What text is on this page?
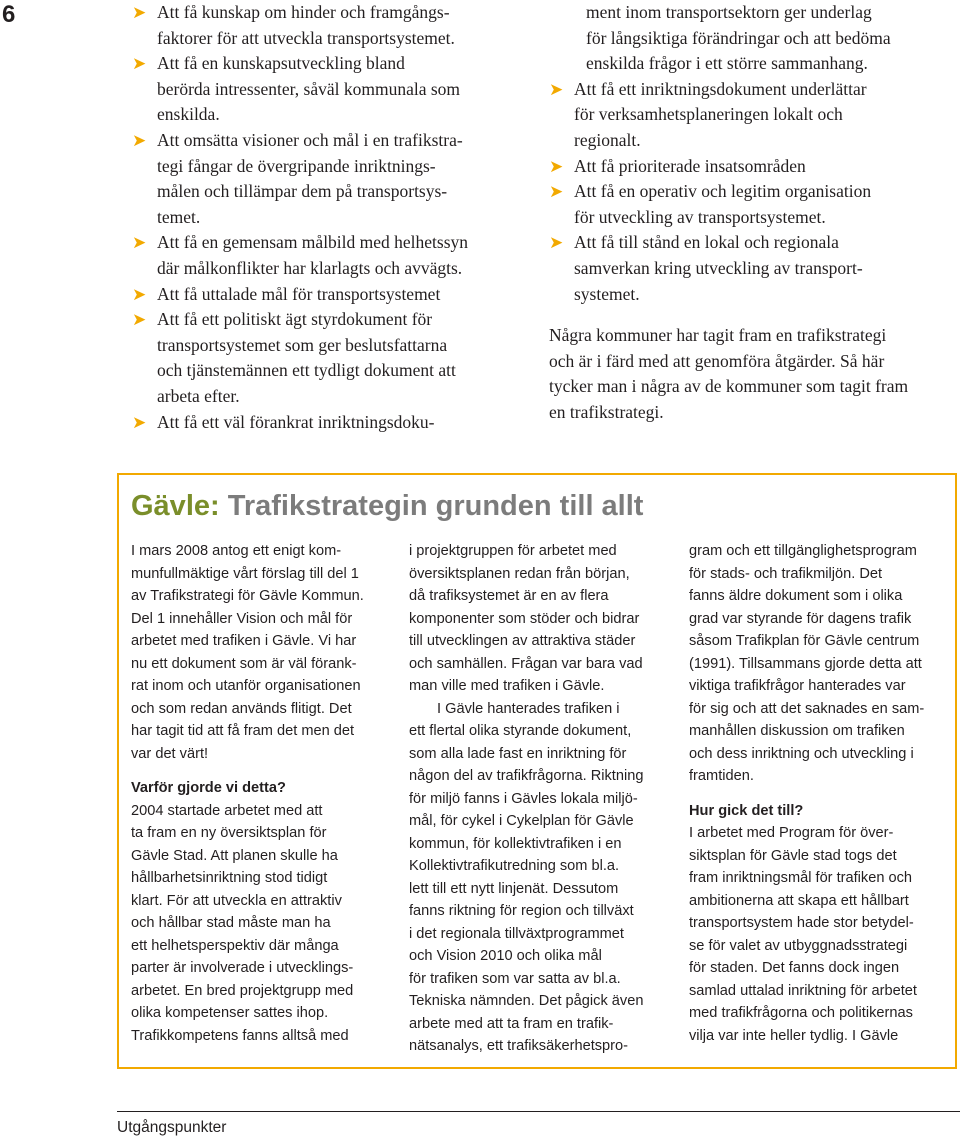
6	➤ Att få kunskap om hinder och framgångs-
faktorer för att utveckla transportsystemet.
➤ Att få en kunskapsutveckling bland
berörda intressenter, såväl kommunala som
enskilda.
➤ Att omsätta visioner och mål i en trafikstra-
tegi fångar de övergripande inriktnings-
målen och tillämpar dem på transportsys-
temet.
➤ Att få en gemensam målbild med helhetssyn
där målkonflikter har klarlagts och avvägts.
➤ Att få uttalade mål för transportsystemet
➤ Att få ett politiskt ägt styrdokument för
transportsystemet som ger beslutsfattarna
och tjänstemännen ett tydligt dokument att
arbeta efter.
➤ Att få ett väl förankrat inriktningsdoku-
ment inom transportsektorn ger underlag
för långsiktiga förändringar och att bedöma
enskilda frågor i ett större sammanhang.
➤ Att få ett inriktningsdokument underlättar
för verksamhetsplaneringen lokalt och
regionalt.
➤ Att få prioriterade insatsområden
➤ Att få en operativ och legitim organisation
för utveckling av transportsystemet.
➤ Att få till stånd en lokal och regionala
samverkan kring utveckling av transport-
systemet.
Några kommuner har tagit fram en trafikstrategi
och är i färd med att genomföra åtgärder. Så här
tycker man i några av de kommuner som tagit fram
en trafikstrategi.
Gävle: Trafikstrategin grunden till allt
I mars 2008 antog ett enigt kom-
munfullmäktige vårt förslag till del 1
av Trafikstrategi för Gävle Kommun.
Del 1 innehåller Vision och mål för
arbetet med trafiken i Gävle. Vi har
nu ett dokument som är väl förank-
rat inom och utanför organisationen
och som redan används flitigt. Det
har tagit tid att få fram det men det
var det värt!
Varför gjorde vi detta?
2004 startade arbetet med att
ta fram en ny översiktsplan för
Gävle Stad. Att planen skulle ha
hållbarhetsinriktning stod tidigt
klart. För att utveckla en attraktiv
och hållbar stad måste man ha
ett helhetsperspektiv där många
parter är involverade i utvecklings-
arbetet. En bred projektgrupp med
olika kompetenser sattes ihop.
Trafikkompetens fanns alltså med
i projektgruppen för arbetet med
översiktsplanen redan från början,
då trafiksystemet är en av flera
komponenter som stöder och bidrar
till utvecklingen av attraktiva städer
och samhällen. Frågan var bara vad
man ville med trafiken i Gävle.
I Gävle hanterades trafiken i
ett flertal olika styrande dokument,
som alla lade fast en inriktning för
någon del av trafikfrågorna. Riktning
för miljö fanns i Gävles lokala miljö-
mål, för cykel i Cykelplan för Gävle
kommun, för kollektivtrafiken i en
Kollektivtrafikutredning som bl.a.
lett till ett nytt linjenät. Dessutom
fanns riktning för region och tillväxt
i det regionala tillväxtprogrammet
och Vision 2010 och olika mål
för trafiken som var satta av bl.a.
Tekniska nämnden. Det pågick även
arbete med att ta fram en trafik-
nätsanalys, ett trafiksäkerhetspro-
gram och ett tillgänglighetsprogram
för stads- och trafikmiljön. Det
fanns äldre dokument som i olika
grad var styrande för dagens trafik
såsom Trafikplan för Gävle centrum
(1991). Tillsammans gjorde detta att
viktiga trafikfrågor hanterades var
för sig och att det saknades en sam-
manhållen diskussion om trafiken
och dess inriktning och utveckling i
framtiden.
Hur gick det till?
I arbetet med Program för över-
siktsplan för Gävle stad togs det
fram inriktningsmål för trafiken och
ambitionerna att skapa ett hållbart
transportsystem hade stor betydel-
se för valet av utbyggnadsstrategi
för staden. Det fanns dock ingen
samlad uttalad inriktning för arbetet
med trafikfrågorna och politikernas
vilja var inte heller tydlig. I Gävle
Utgångspunkter
